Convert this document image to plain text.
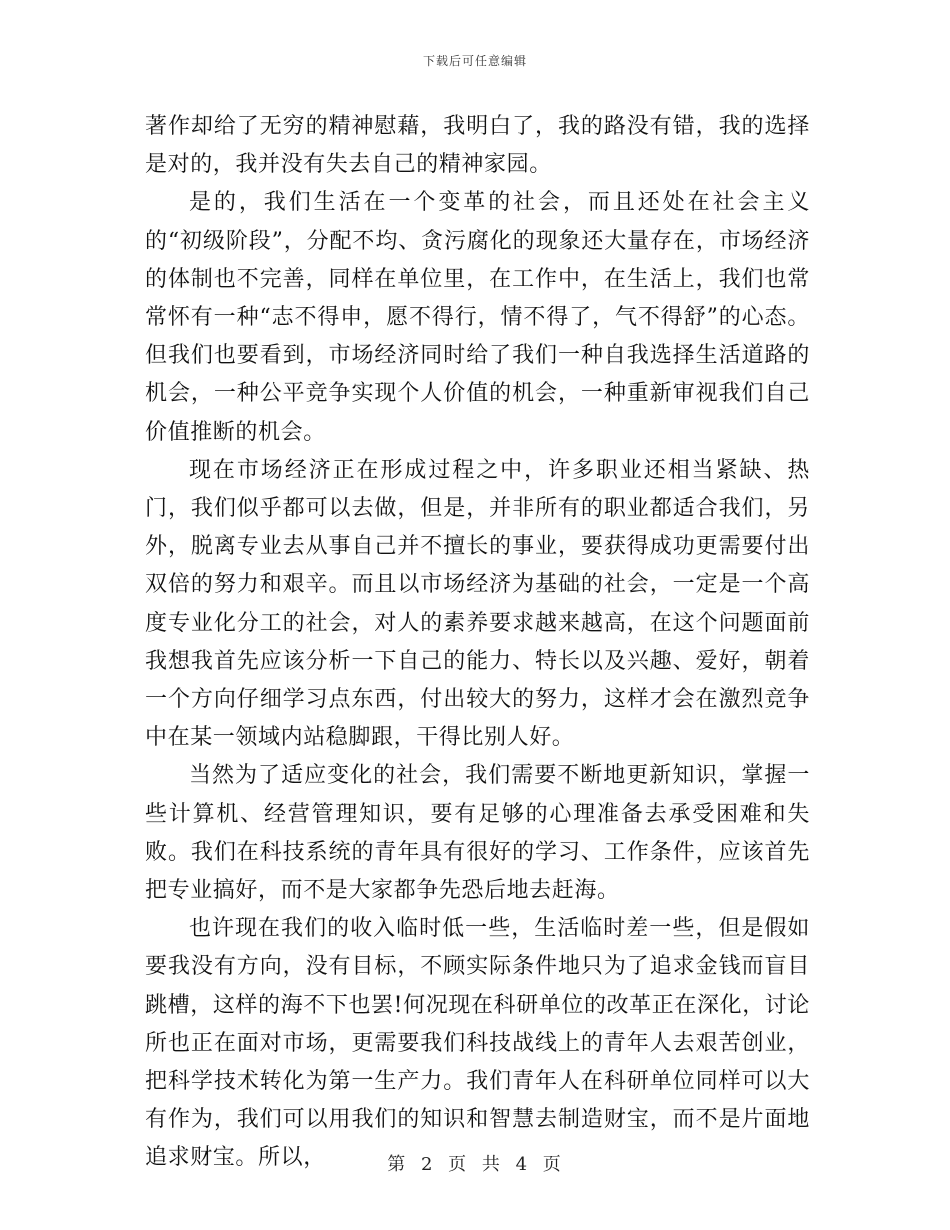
下载后可任意编辑

著作却给了无穷的精神慰藉，我明白了，我的路没有错，我的选择是对的，我并没有失去自己的精神家园。

是的，我们生活在一个变革的社会，而且还处在社会主义的“初级阶段”，分配不均、贪污腐化的现象还大量存在，市场经济的体制也不完善，同样在单位里，在工作中，在生活上，我们也常常怀有一种“志不得申，愿不得行，情不得了，气不得舒”的心态。但我们也要看到，市场经济同时给了我们一种自我选择生活道路的机会，一种公平竞争实现个人价值的机会，一种重新审视我们自己价值推断的机会。

现在市场经济正在形成过程之中，许多职业还相当紧缺、热门，我们似乎都可以去做，但是，并非所有的职业都适合我们，另外，脱离专业去从事自己并不擅长的事业，要获得成功更需要付出双倍的努力和艰辛。而且以市场经济为基础的社会，一定是一个高度专业化分工的社会，对人的素养要求越来越高，在这个问题面前我想我首先应该分析一下自己的能力、特长以及兴趣、爱好，朝着一个方向仔细学习点东西，付出较大的努力，这样才会在激烈竞争中在某一领域内站稳脚跟，干得比别人好。

当然为了适应变化的社会，我们需要不断地更新知识，掌握一些计算机、经营管理知识，要有足够的心理准备去承受困难和失败。我们在科技系统的青年具有很好的学习、工作条件，应该首先把专业搞好，而不是大家都争先恐后地去赶海。

也许现在我们的收入临时低一些，生活临时差一些，但是假如要我没有方向，没有目标，不顾实际条件地只为了追求金钱而盲目跳槽，这样的海不下也罢!何况现在科研单位的改革正在深化，讨论所也正在面对市场，更需要我们科技战线上的青年人去艰苦创业，把科学技术转化为第一生产力。我们青年人在科研单位同样可以大有作为，我们可以用我们的知识和智慧去制造财宝，而不是片面地追求财宝。所以，	第 2 页 共 4 页
